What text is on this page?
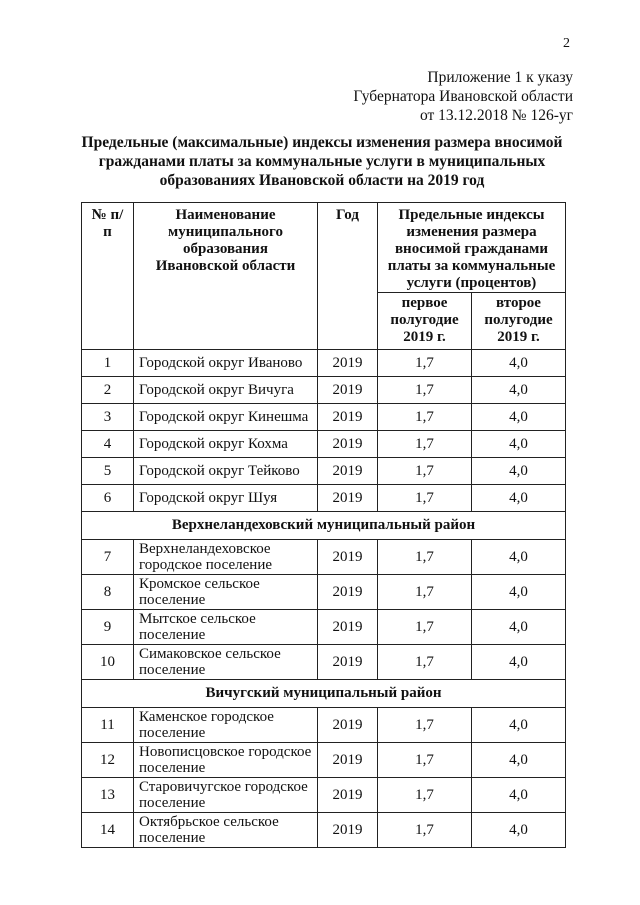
2
Приложение 1 к указу
Губернатора Ивановской области
от 13.12.2018 № 126-уг
Предельные (максимальные) индексы изменения размера вносимой
гражданами платы за коммунальные услуги в муниципальных
образованиях Ивановской области на 2019 год
№ п/п	Наименование муниципального образования Ивановской области	Год	Предельные индексы изменения размера вносимой гражданами платы за коммунальные услуги (процентов)	
			первое полугодие 2019 г.	второе полугодие 2019 г.
1	Городской округ Иваново	2019	1,7	4,0
2	Городской округ Вичуга	2019	1,7	4,0
3	Городской округ Кинешма	2019	1,7	4,0
4	Городской округ Кохма	2019	1,7	4,0
5	Городской округ Тейково	2019	1,7	4,0
6	Городской округ Шуя	2019	1,7	4,0
Верхнеландеховский муниципальный район				
7	Верхнеландеховское городское поселение	2019	1,7	4,0
8	Кромское сельское поселение	2019	1,7	4,0
9	Мытское сельское поселение	2019	1,7	4,0
10	Симаковское сельское поселение	2019	1,7	4,0
Вичугский муниципальный район				
11	Каменское городское поселение	2019	1,7	4,0
12	Новописцовское городское поселение	2019	1,7	4,0
13	Старовичугское городское поселение	2019	1,7	4,0
14	Октябрьское сельское поселение	2019	1,7	4,0
